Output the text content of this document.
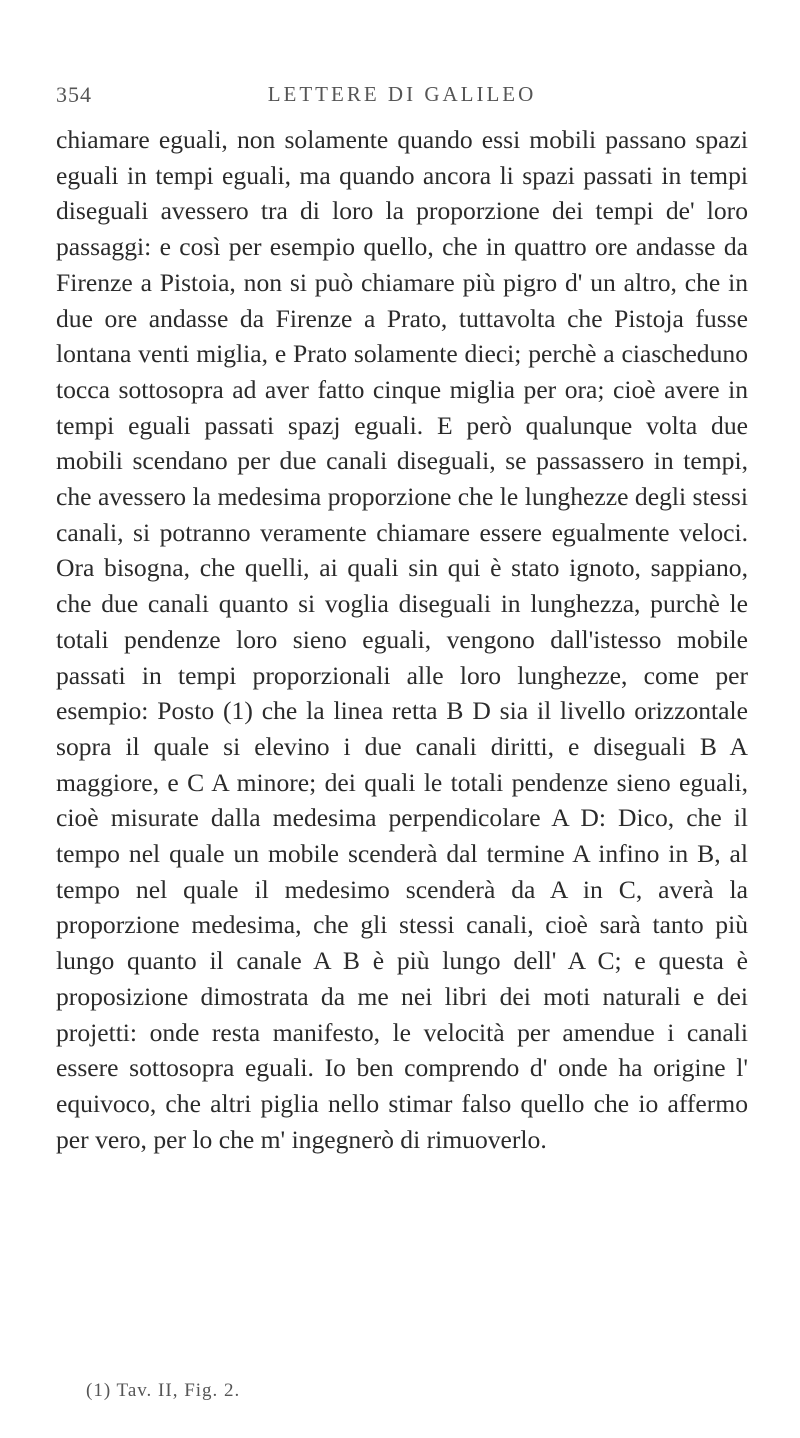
354	LETTERE DI GALILEO
chiamare eguali, non solamente quando essi mobili passano spazi eguali in tempi eguali, ma quando ancora li spazi passati in tempi diseguali avessero tra di loro la proporzione dei tempi de' loro passaggi: e così per esempio quello, che in quattro ore andasse da Firenze a Pistoia, non si può chiamare più pigro d' un altro, che in due ore andasse da Firenze a Prato, tuttavolta che Pistoja fusse lontana venti miglia, e Prato solamente dieci; perchè a ciascheduno tocca sottosopra ad aver fatto cinque miglia per ora; cioè avere in tempi eguali passati spazj eguali. E però qualunque volta due mobili scendano per due canali diseguali, se passassero in tempi, che avessero la medesima proporzione che le lunghezze degli stessi canali, si potranno veramente chiamare essere egualmente veloci. Ora bisogna, che quelli, ai quali sin qui è stato ignoto, sappiano, che due canali quanto si voglia diseguali in lunghezza, purchè le totali pendenze loro sieno eguali, vengono dall'istesso mobile passati in tempi proporzionali alle loro lunghezze, come per esempio: Posto (1) che la linea retta B D sia il livello orizzontale sopra il quale si elevino i due canali diritti, e diseguali B A maggiore, e C A minore; dei quali le totali pendenze sieno eguali, cioè misurate dalla medesima perpendicolare A D: Dico, che il tempo nel quale un mobile scenderà dal termine A infino in B, al tempo nel quale il medesimo scenderà da A in C, averà la proporzione medesima, che gli stessi canali, cioè sarà tanto più lungo quanto il canale A B è più lungo dell' A C; e questa è proposizione dimostrata da me nei libri dei moti naturali e dei projetti: onde resta manifesto, le velocità per amendue i canali essere sottosopra eguali. Io ben comprendo d' onde ha origine l' equivoco, che altri piglia nello stimar falso quello che io affermo per vero, per lo che m' ingegnerò di rimuoverlo.
(1) Tav. II, Fig. 2.
